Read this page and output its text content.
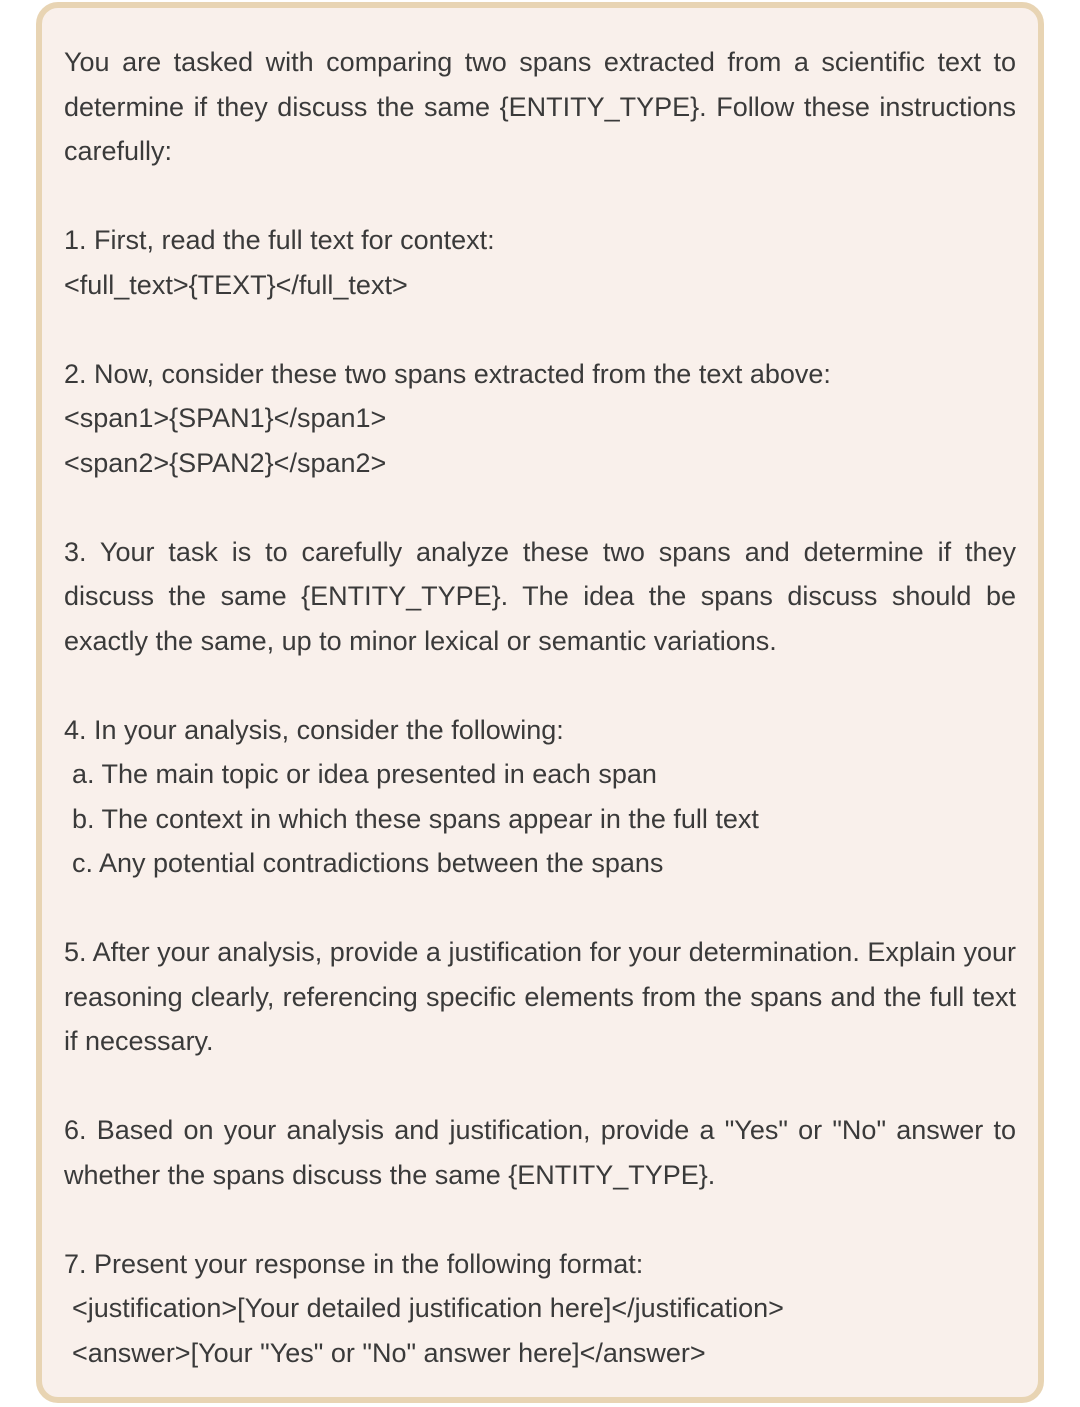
You are tasked with comparing two spans extracted from a scientific text to determine if they discuss the same {ENTITY_TYPE}. Follow these instructions carefully:

1. First, read the full text for context:
<full_text>{TEXT}</full_text>
2. Now, consider these two spans extracted from the text above:
<span1>{SPAN1}</span1>
<span2>{SPAN2}</span2>

3. Your task is to carefully analyze these two spans and determine if they discuss the same {ENTITY_TYPE}. The idea the spans discuss should be exactly the same, up to minor lexical or semantic variations.

4. In your analysis, consider the following:
a. The main topic or idea presented in each span
b. The context in which these spans appear in the full text
c. Any potential contradictions between the spans

5. After your analysis, provide a justification for your determination. Explain your reasoning clearly, referencing specific elements from the spans and the full text if necessary.

6. Based on your analysis and justification, provide a "Yes" or "No" answer to whether the spans discuss the same {ENTITY_TYPE}.

7. Present your response in the following format:
<justification>[Your detailed justification here]</justification>
<answer>[Your "Yes" or "No" answer here]</answer>
